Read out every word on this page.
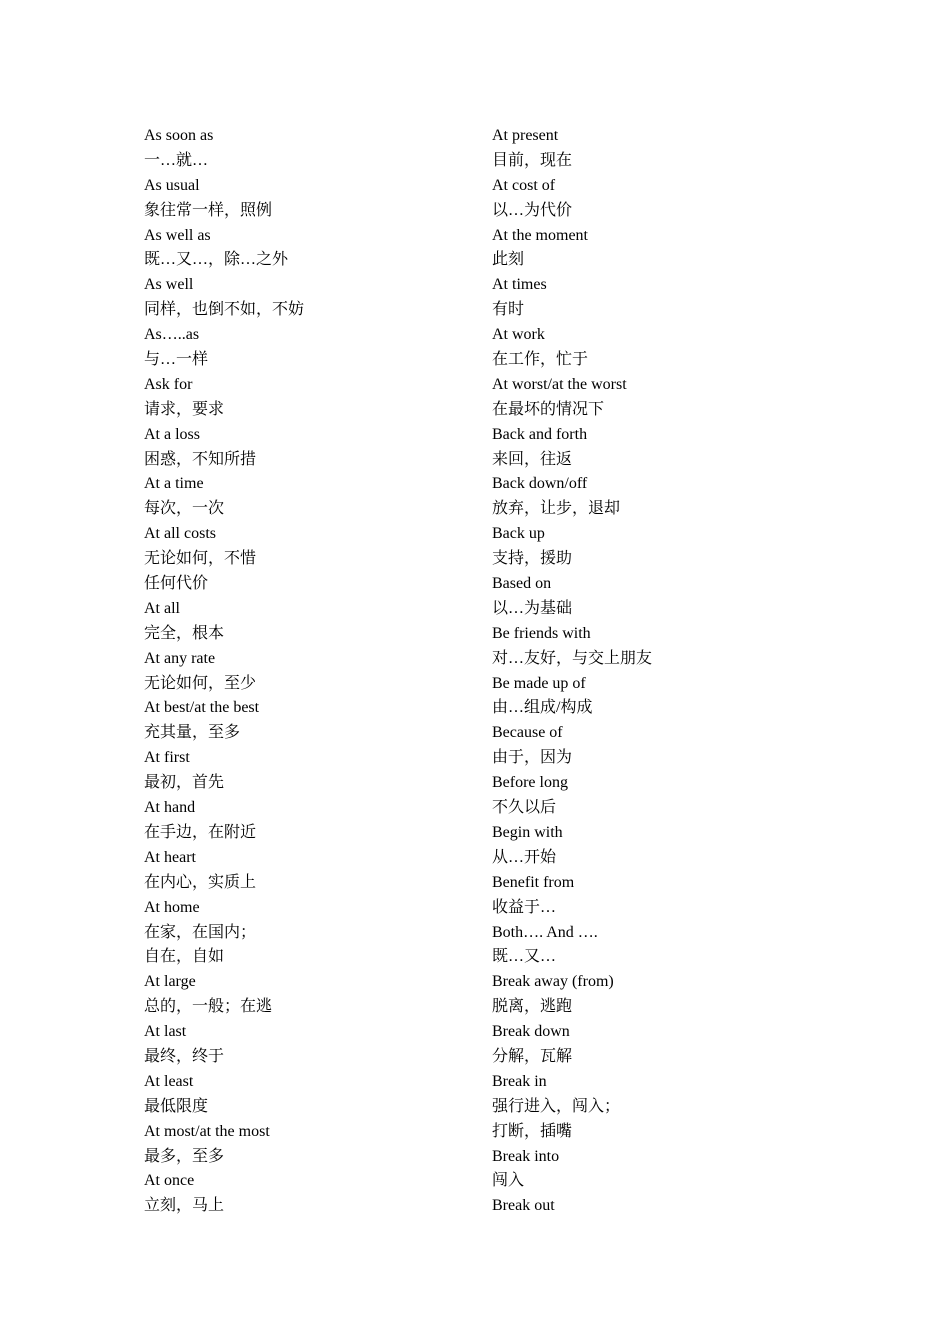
As soon as
一…就…
As usual
象往常一样，照例
As well as
既…又…，除…之外
As well
同样，也倒不如，不妨
As…..as
与…一样
Ask for
请求，要求
At a loss
困惑，不知所措
At a time
每次，一次
At all costs
无论如何，不惜
任何代价
At all
完全，根本
At any rate
无论如何，至少
At best/at the best
充其量，至多
At first
最初，首先
At hand
在手边，在附近
At heart
在内心，实质上
At home
在家，在国内；
自在，自如
At large
总的，一般；在逃
At last
最终，终于
At least
最低限度
At most/at the most
最多，至多
At once
立刻，马上
At present
目前，现在
At cost of
以…为代价
At the moment
此刻
At times
有时
At work
在工作，忙于
At worst/at the worst
在最坏的情况下
Back and forth
来回，往返
Back down/off
放弃，让步，退却
Back up
支持，援助
Based on
以…为基础
Be friends with
对…友好，与交上朋友
Be made up of
由…组成/构成
Because of
由于，因为
Before long
不久以后
Begin with
从…开始
Benefit from
收益于…
Both…. And ….
既…又…
Break away (from)
脱离，逃跑
Break down
分解，瓦解
Break in
强行进入，闯入；
打断，插嘴
Break into
闯入
Break out
